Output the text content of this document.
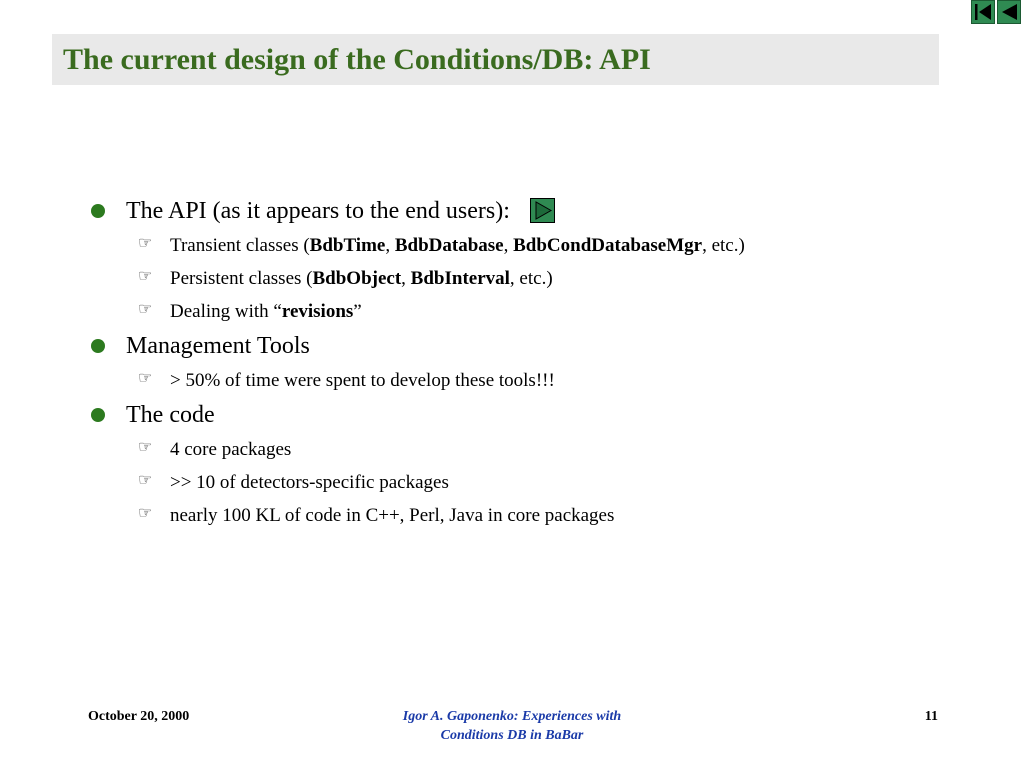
The current design of the Conditions/DB: API
The API (as it appears to the end users):
☞ Transient classes (BdbTime, BdbDatabase, BdbCondDatabaseMgr, etc.)
☞ Persistent classes (BdbObject, BdbInterval, etc.)
☞ Dealing with “revisions”
Management Tools
☞ > 50% of time were spent to develop these tools!!!
The code
☞ 4 core packages
☞ >> 10 of detectors-specific packages
☞ nearly 100 KL of code in C++, Perl, Java in core packages
October 20, 2000	Igor A. Gaponenko: Experiences with
Conditions DB in BaBar
11
